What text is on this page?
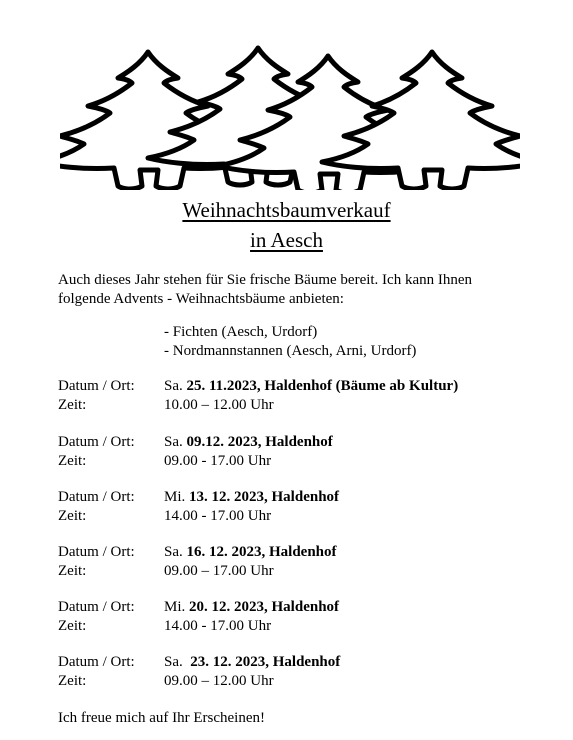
Weihnachtsbaumverkauf
in Aesch
Auch dieses Jahr stehen für Sie frische Bäume bereit. Ich kann Ihnen
folgende Advents - Weihnachtsbäume anbieten:
- Fichten (Aesch, Urdorf)
- Nordmannstannen (Aesch, Arni, Urdorf)
Datum / Ort:	Sa. 25. 11.2023, Haldenhof (Bäume ab Kultur)
Zeit:	10.00 – 12.00 Uhr
Datum / Ort:	Sa. 09.12. 2023, Haldenhof
Zeit:	09.00 - 17.00 Uhr
Datum / Ort:	Mi. 13. 12. 2023, Haldenhof
Zeit:	14.00 - 17.00 Uhr
Datum / Ort:	Sa. 16. 12. 2023, Haldenhof
Zeit:	09.00 – 17.00 Uhr
Datum / Ort:	Mi. 20. 12. 2023, Haldenhof
Zeit:	14.00 - 17.00 Uhr
Datum / Ort:	Sa.  23. 12. 2023, Haldenhof
Zeit:	09.00 – 12.00 Uhr
Ich freue mich auf Ihr Erscheinen!
